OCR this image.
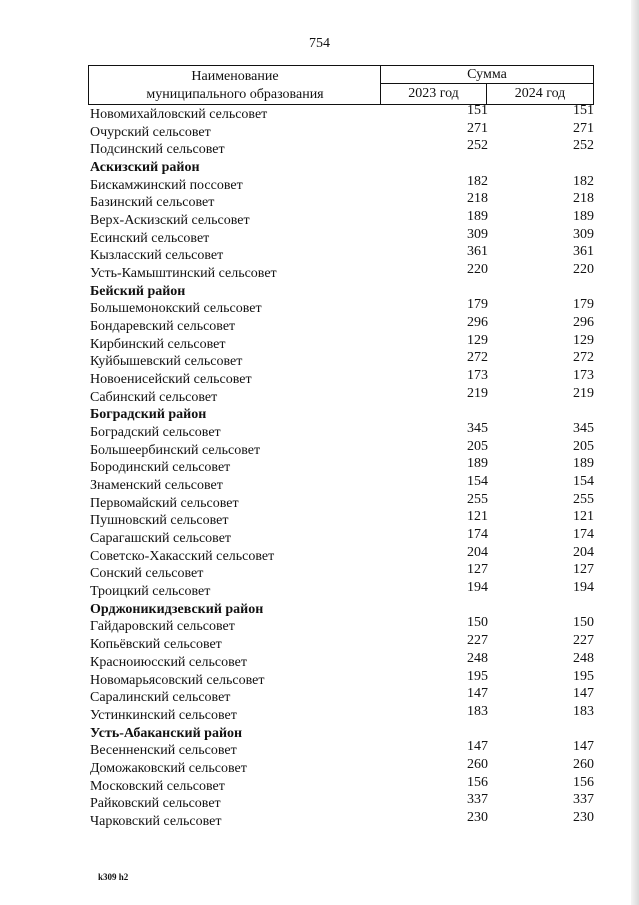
754
Наименование
муниципального образования
Сумма
2023 год	2024 год
Новомихайловский сельсовет	151	151
Очурский сельсовет	271	271
Подсинский сельсовет	252	252
Аскизский район
Бискамжинский поссовет	182	182
Базинский сельсовет	218	218
Верх-Аскизский сельсовет	189	189
Есинский сельсовет	309	309
Кызласский сельсовет	361	361
Усть-Камыштинский сельсовет	220	220
Бейский район
Большемонокский сельсовет	179	179
Бондаревский сельсовет	296	296
Кирбинский сельсовет	129	129
Куйбышевский сельсовет	272	272
Новоенисейский сельсовет	173	173
Сабинский сельсовет	219	219
Боградский район
Боградский сельсовет	345	345
Большеербинский сельсовет	205	205
Бородинский сельсовет	189	189
Знаменский сельсовет	154	154
Первомайский сельсовет	255	255
Пушновский сельсовет	121	121
Сарагашский сельсовет	174	174
Советско-Хакасский сельсовет	204	204
Сонский сельсовет	127	127
Троицкий сельсовет	194	194
Орджоникидзевский район
Гайдаровский сельсовет	150	150
Копьёвский сельсовет	227	227
Красноиюсский сельсовет	248	248
Новомарьясовский сельсовет	195	195
Саралинский сельсовет	147	147
Устинкинский сельсовет	183	183
Усть-Абаканский район
Весенненский сельсовет	147	147
Доможаковский сельсовет	260	260
Московский сельсовет	156	156
Райковский сельсовет	337	337
Чарковский сельсовет	230	230
k309 h2
